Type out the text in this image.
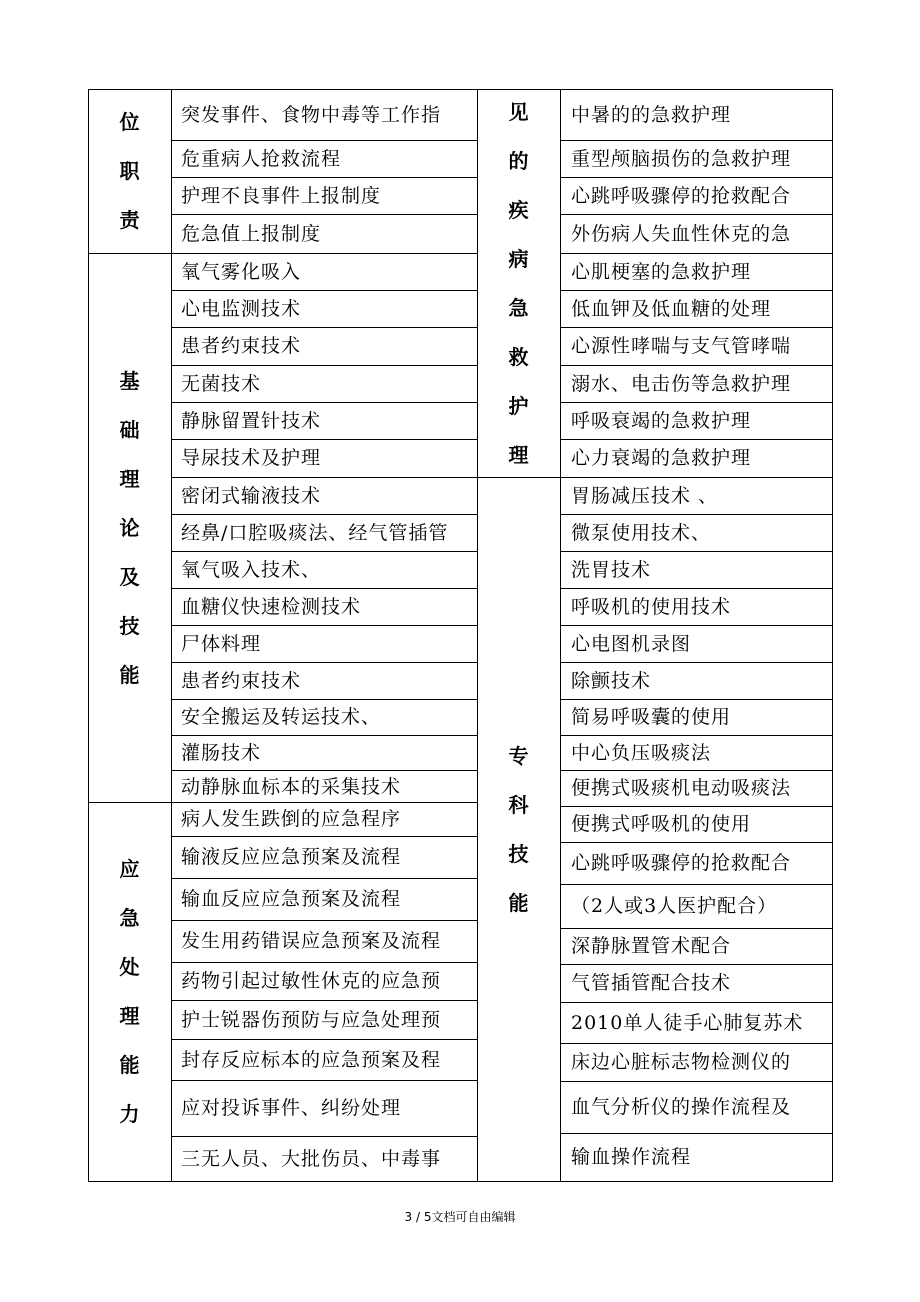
突发事件、食物中毒等工作指
危重病人抢救流程
护理不良事件上报制度
危急值上报制度
氧气雾化吸入
心电监测技术
患者约束技术
无菌技术
静脉留置针技术
导尿技术及护理
密闭式输液技术
经鼻/口腔吸痰法、经气管插管
氧气吸入技术、
血糖仪快速检测技术
尸体料理
患者约束技术
安全搬运及转运技术、
灌肠技术
动静脉血标本的采集技术
病人发生跌倒的应急程序
输液反应应急预案及流程
输血反应应急预案及流程
发生用药错误应急预案及流程
药物引起过敏性休克的应急预
护士锐器伤预防与应急处理预
封存反应标本的应急预案及程
应对投诉事件、纠纷处理
三无人员、大批伤员、中毒事
中暑的的急救护理
重型颅脑损伤的急救护理
心跳呼吸骤停的抢救配合
外伤病人失血性休克的急
心肌梗塞的急救护理
低血钾及低血糖的处理
心源性哮喘与支气管哮喘
溺水、电击伤等急救护理
呼吸衰竭的急救护理
心力衰竭的急救护理
胃肠减压技术 、
微泵使用技术、
洗胃技术
呼吸机的使用技术
心电图机录图
除颤技术
简易呼吸囊的使用
中心负压吸痰法
便携式吸痰机电动吸痰法
便携式呼吸机的使用
心跳呼吸骤停的抢救配合
（2人或3人医护配合）
深静脉置管术配合
气管插管配合技术
2010单人徒手心肺复苏术
床边心脏标志物检测仪的
血气分析仪的操作流程及
输血操作流程
位
职
责
基
础
理
论
及
技
能
应
急
处
理
能
力
见
的
疾
病
急
救
护
理
专
科
技
能
3 / 5文档可自由编辑
